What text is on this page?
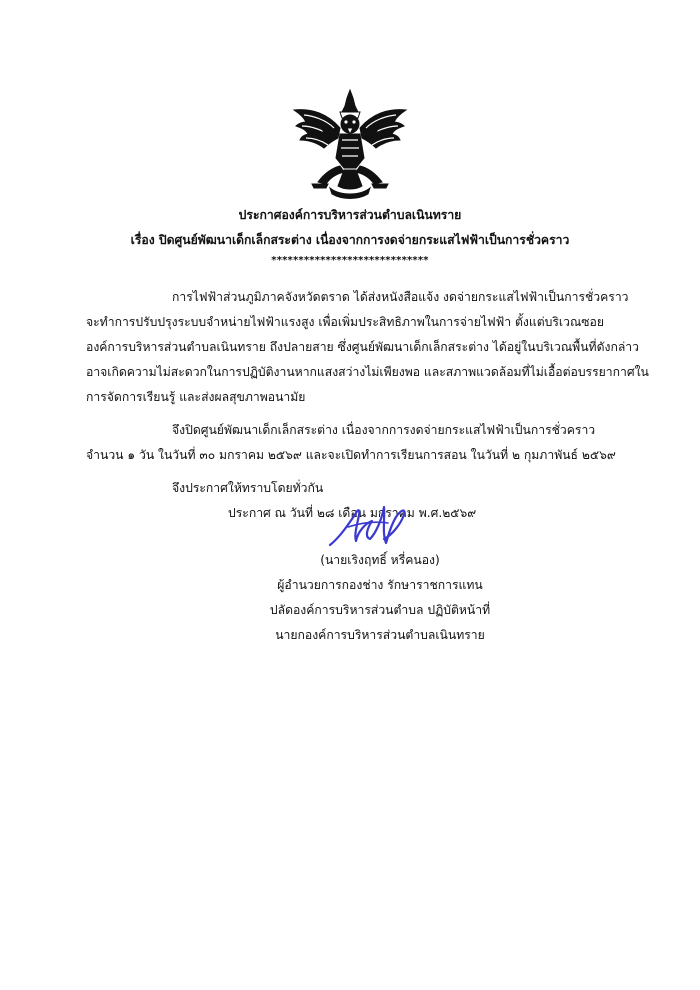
ประกาศองค์การบริหารส่วนตำบลเนินทราย
เรื่อง ปิดศูนย์พัฒนาเด็กเล็กสระต่าง เนื่องจากการงดจ่ายกระแสไฟฟ้าเป็นการชั่วคราว
*****************************
การไฟฟ้าส่วนภูมิภาคจังหวัดตราด ได้ส่งหนังสือแจ้ง งดจ่ายกระแสไฟฟ้าเป็นการชั่วคราว
จะทำการปรับปรุงระบบจำหน่ายไฟฟ้าแรงสูง เพื่อเพิ่มประสิทธิภาพในการจ่ายไฟฟ้า ตั้งแต่บริเวณซอย
องค์การบริหารส่วนตำบลเนินทราย ถึงปลายสาย ซึ่งศูนย์พัฒนาเด็กเล็กสระต่าง ได้อยู่ในบริเวณพื้นที่ดังกล่าว
อาจเกิดความไม่สะดวกในการปฏิบัติงานหากแสงสว่างไม่เพียงพอ และสภาพแวดล้อมที่ไม่เอื้อต่อบรรยากาศใน
การจัดการเรียนรู้ และส่งผลสุขภาพอนามัย
จึงปิดศูนย์พัฒนาเด็กเล็กสระต่าง เนื่องจากการงดจ่ายกระแสไฟฟ้าเป็นการชั่วคราว
จำนวน ๑ วัน ในวันที่ ๓๐ มกราคม ๒๕๖๙ และจะเปิดทำการเรียนการสอน ในวันที่ ๒ กุมภาพันธ์ ๒๕๖๙
จึงประกาศให้ทราบโดยทั่วกัน
ประกาศ ณ วันที่ ๒๘ เดือน มกราคม พ.ศ.๒๕๖๙
(นายเริงฤทธิ์ หรี่คนอง)
ผู้อำนวยการกองช่าง รักษาราชการแทน
ปลัดองค์การบริหารส่วนตำบล ปฏิบัติหน้าที่
นายกองค์การบริหารส่วนตำบลเนินทราย
